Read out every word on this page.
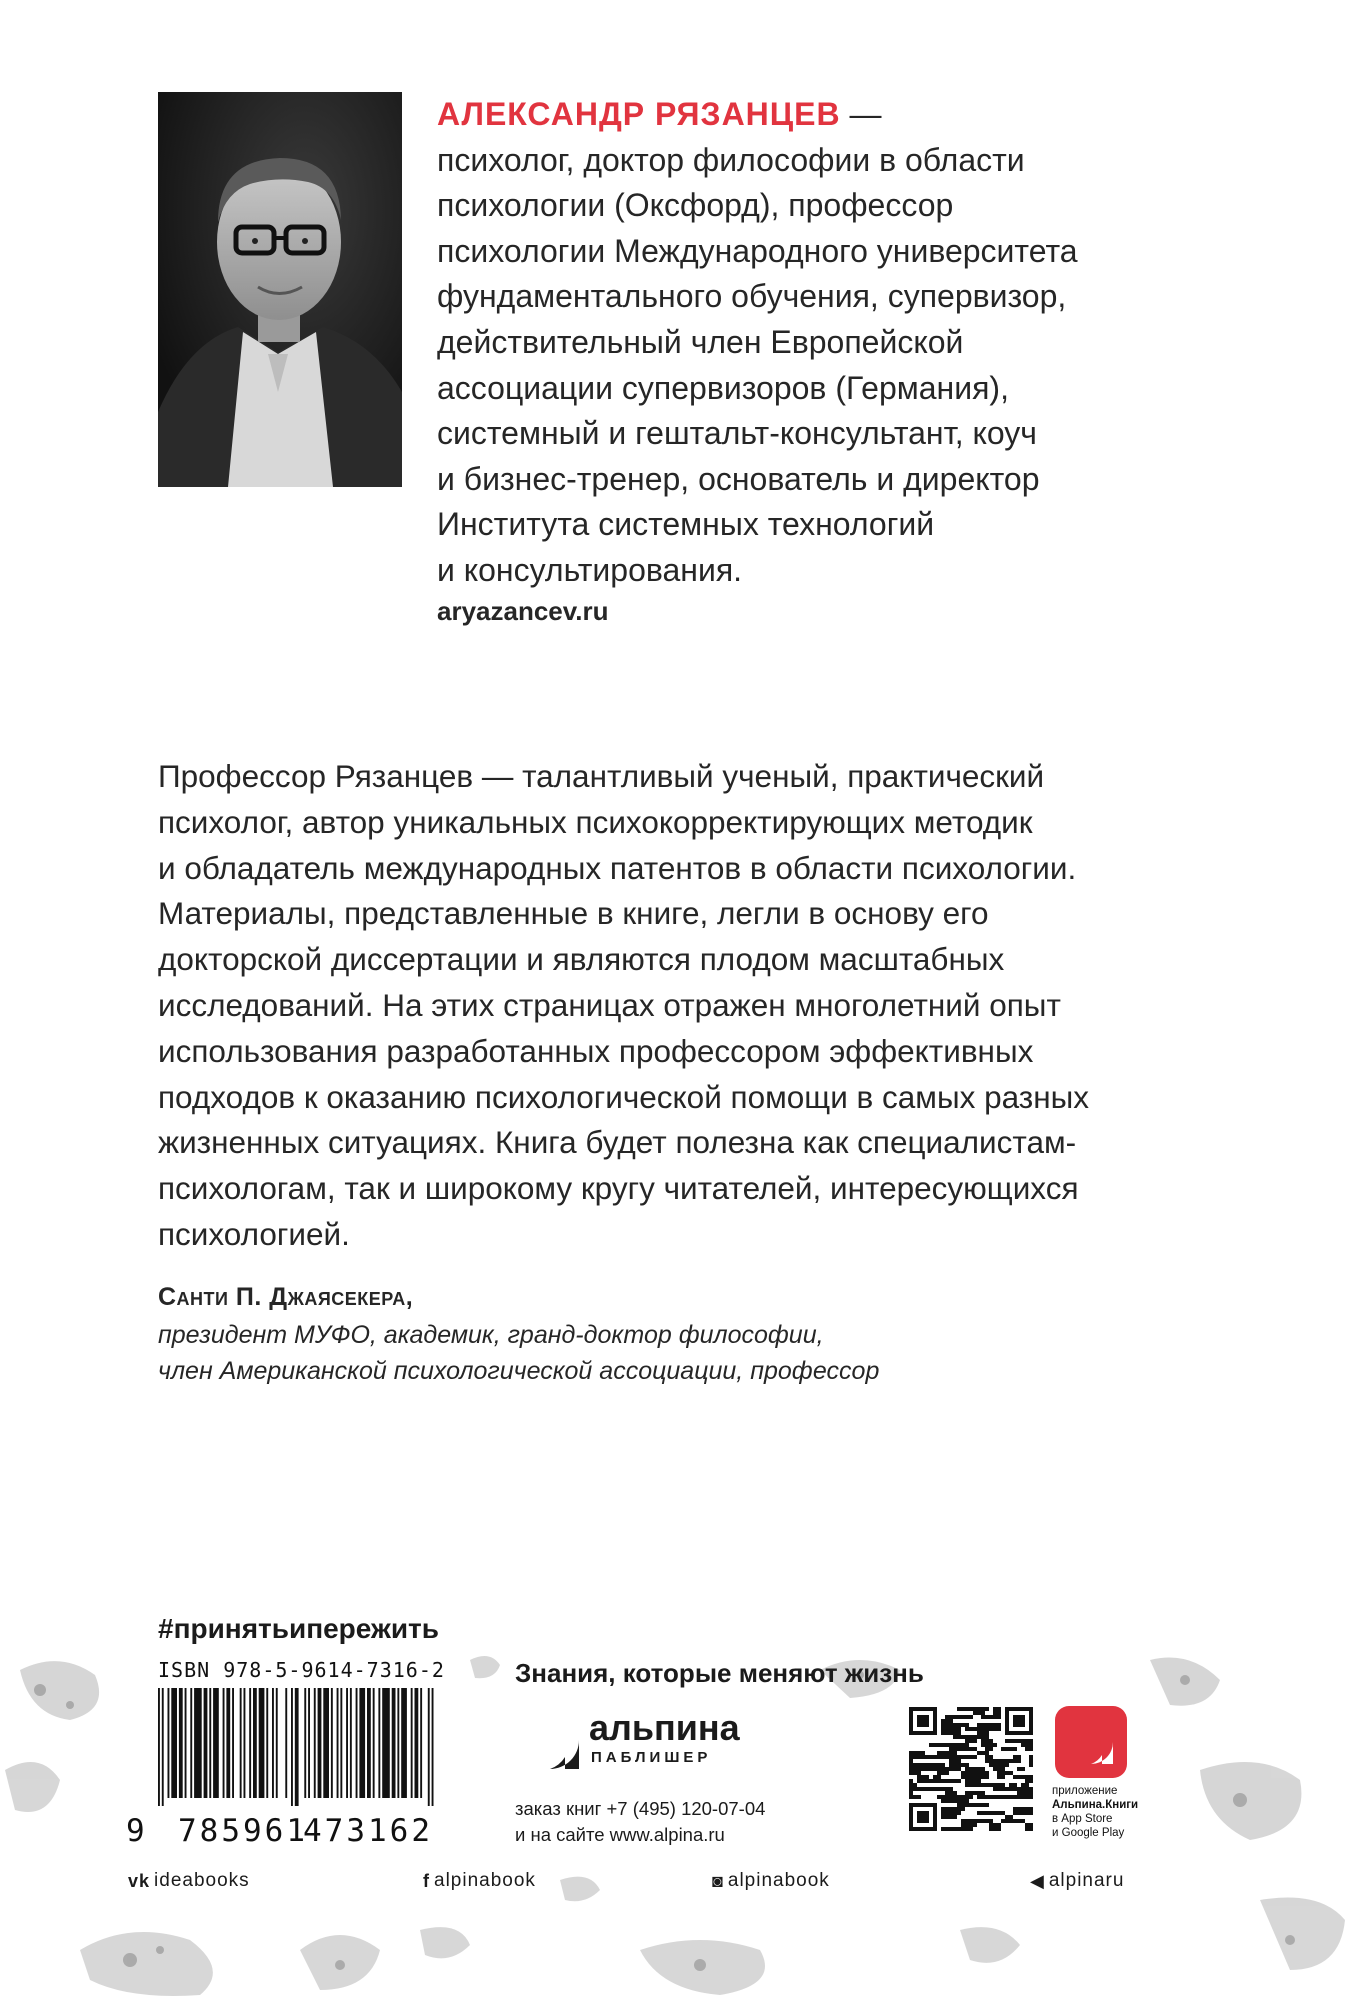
АЛЕКСАНДР РЯЗАНЦЕВ —
психолог, доктор философии в области
психологии (Оксфорд), профессор
психологии Международного университета
фундаментального обучения, супервизор,
действительный член Европейской
ассоциации супервизоров (Германия),
системный и гештальт-консультант, коуч
и бизнес-тренер, основатель и директор
Института системных технологий
и консультирования.
aryazancev.ru
Профессор Рязанцев — талантливый ученый, практический
психолог, автор уникальных психокорректирующих методик
и обладатель международных патентов в области психологии.
Материалы, представленные в книге, легли в основу его
докторской диссертации и являются плодом масштабных
исследований. На этих страницах отражен многолетний опыт
использования разработанных профессором эффективных
подходов к оказанию психологической помощи в самых разных
жизненных ситуациях. Книга будет полезна как специалистам-
психологам, так и широкому кругу читателей, интересующихся
психологией.
Санти П. Джаясекера,
президент МУФО, академик, гранд-доктор философии,
член Американской психологической ассоциации, профессор
#принятьипережить
ISBN 978-5-9614-7316-2
9 785961
473162
Знания, которые меняют жизнь
альпина
ПАБЛИШЕР
заказ книг +7 (495) 120-07-04
и на сайте www.alpina.ru
приложение
Альпина.Книги
в App Store
и Google Play
vk ideabooks	f alpinabook	◙ alpinabook	◀ alpinaru
